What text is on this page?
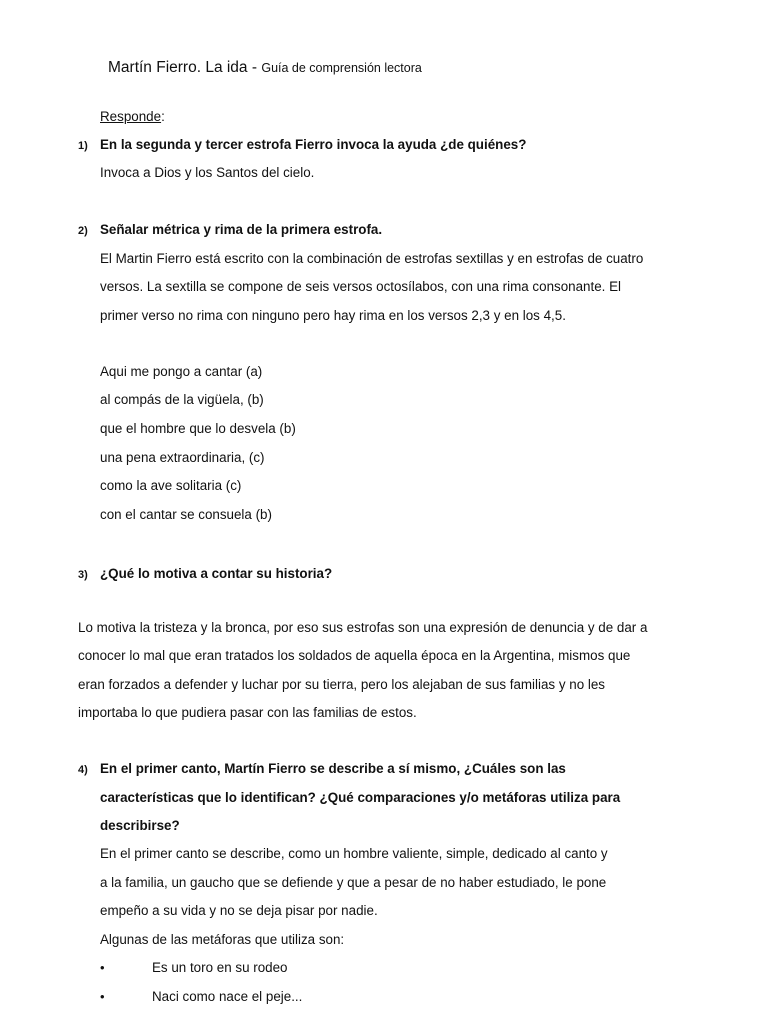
Martín Fierro. La ida - Guía de comprensión lectora
Responde:
1) En la segunda y tercer estrofa Fierro invoca la ayuda ¿de quiénes?
Invoca a Dios y los Santos del cielo.
2) Señalar métrica y rima de la primera estrofa.
El Martin Fierro está escrito con la combinación de estrofas sextillas y en estrofas de cuatro
versos. La sextilla se compone de seis versos octosílabos, con una rima consonante. El
primer verso no rima con ninguno pero hay rima en los versos 2,3 y en los 4,5.
Aqui me pongo a cantar (a)
al compás de la vigüela, (b)
que el hombre que lo desvela (b)
una pena extraordinaria, (c)
como la ave solitaria (c)
con el cantar se consuela (b)
3) ¿Qué lo motiva a contar su historia?
Lo motiva la tristeza y la bronca, por eso sus estrofas son una expresión de denuncia y de dar a
conocer lo mal que eran tratados los soldados de aquella época en la Argentina, mismos que
eran forzados a defender y luchar por su tierra, pero los alejaban de sus familias y no les
importaba lo que pudiera pasar con las familias de estos.
4) En el primer canto, Martín Fierro se describe a sí mismo, ¿Cuáles son las
características que lo identifican? ¿Qué comparaciones y/o metáforas utiliza para
describirse?
En el primer canto se describe, como un hombre valiente, simple, dedicado al canto y
a la familia, un gaucho que se defiende y que a pesar de no haber estudiado, le pone
empeño a su vida y no se deja pisar por nadie.
Algunas de las metáforas que utiliza son:
•	Es un toro en su rodeo
•	Naci como nace el peje...
